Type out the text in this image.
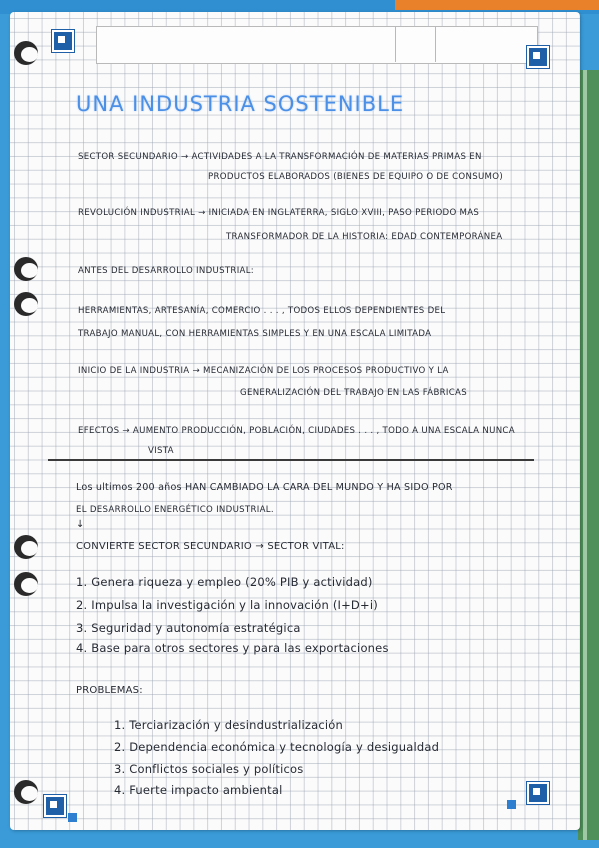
UNA INDUSTRIA SOSTENIBLE
SECTOR SECUNDARIO → ACTIVIDADES A LA TRANSFORMACIÓN DE MATERIAS PRIMAS EN
PRODUCTOS ELABORADOS (BIENES DE EQUIPO O DE CONSUMO)
REVOLUCIÓN INDUSTRIAL → INICIADA EN INGLATERRA, SIGLO XVIII, PASO PERIODO MAS
TRANSFORMADOR DE LA HISTORIA: EDAD CONTEMPORÁNEA
ANTES DEL DESARROLLO INDUSTRIAL:
HERRAMIENTAS, ARTESANÍA, COMERCIO . . . , TODOS ELLOS DEPENDIENTES DEL
TRABAJO MANUAL, CON HERRAMIENTAS SIMPLES Y EN UNA ESCALA LIMITADA
INICIO DE LA INDUSTRIA → MECANIZACIÓN DE LOS PROCESOS PRODUCTIVO Y LA
GENERALIZACIÓN DEL TRABAJO EN LAS FÁBRICAS
EFECTOS → AUMENTO PRODUCCIÓN, POBLACIÓN, CIUDADES . . . , TODO A UNA ESCALA NUNCA
VISTA
Los ultimos 200 años HAN CAMBIADO LA CARA DEL MUNDO Y HA SIDO POR
EL DESARROLLO ENERGÉTICO INDUSTRIAL.
↓
CONVIERTE SECTOR SECUNDARIO → SECTOR VITAL:
1. Genera riqueza y empleo (20% PIB y actividad)
2. Impulsa la investigación y la innovación (I+D+i)
3. Seguridad y autonomía estratégica
4. Base para otros sectores y para las exportaciones
PROBLEMAS:
1. Terciarización y desindustrialización
2. Dependencia económica y tecnología y desigualdad
3. Conflictos sociales y políticos
4. Fuerte impacto ambiental
